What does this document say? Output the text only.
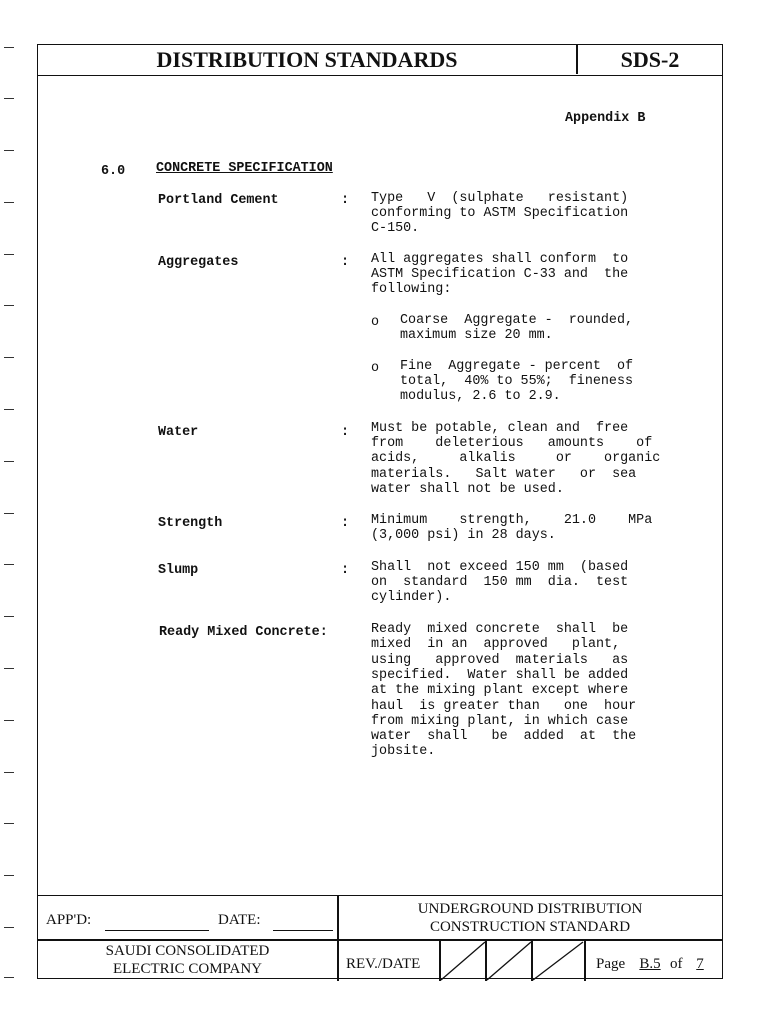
DISTRIBUTION STANDARDS	SDS-2
Appendix B
6.0 CONCRETE SPECIFICATION
Portland Cement	: Type   V  (sulphate   resistant)
conforming to ASTM Specification
C-150.
Aggregates	: All aggregates shall conform  to
ASTM Specification C-33 and  the
following:
o Coarse  Aggregate -  rounded,
maximum size 20 mm.
o Fine  Aggregate - percent  of
total,  40% to 55%;  fineness
modulus, 2.6 to 2.9.
Water	: Must be potable, clean and  free
from    deleterious   amounts    of
acids,     alkalis     or    organic
materials.   Salt water   or  sea
water shall not be used.
Strength	: Minimum    strength,    21.0    MPa
(3,000 psi) in 28 days.
Slump	: Shall  not exceed 150 mm  (based
on  standard  150 mm  dia.  test
cylinder).
Ready Mixed Concrete:	Ready  mixed concrete  shall  be
mixed  in an  approved   plant,
using   approved  materials   as
specified.  Water shall be added
at the mixing plant except where
haul  is greater than   one  hour
from mixing plant, in which case
water  shall   be  added  at  the
jobsite.
APP'D:	DATE:
UNDERGROUND DISTRIBUTION
CONSTRUCTION STANDARD
SAUDI CONSOLIDATED
ELECTRIC COMPANY	REV./DATE	Page B.5 of 7
